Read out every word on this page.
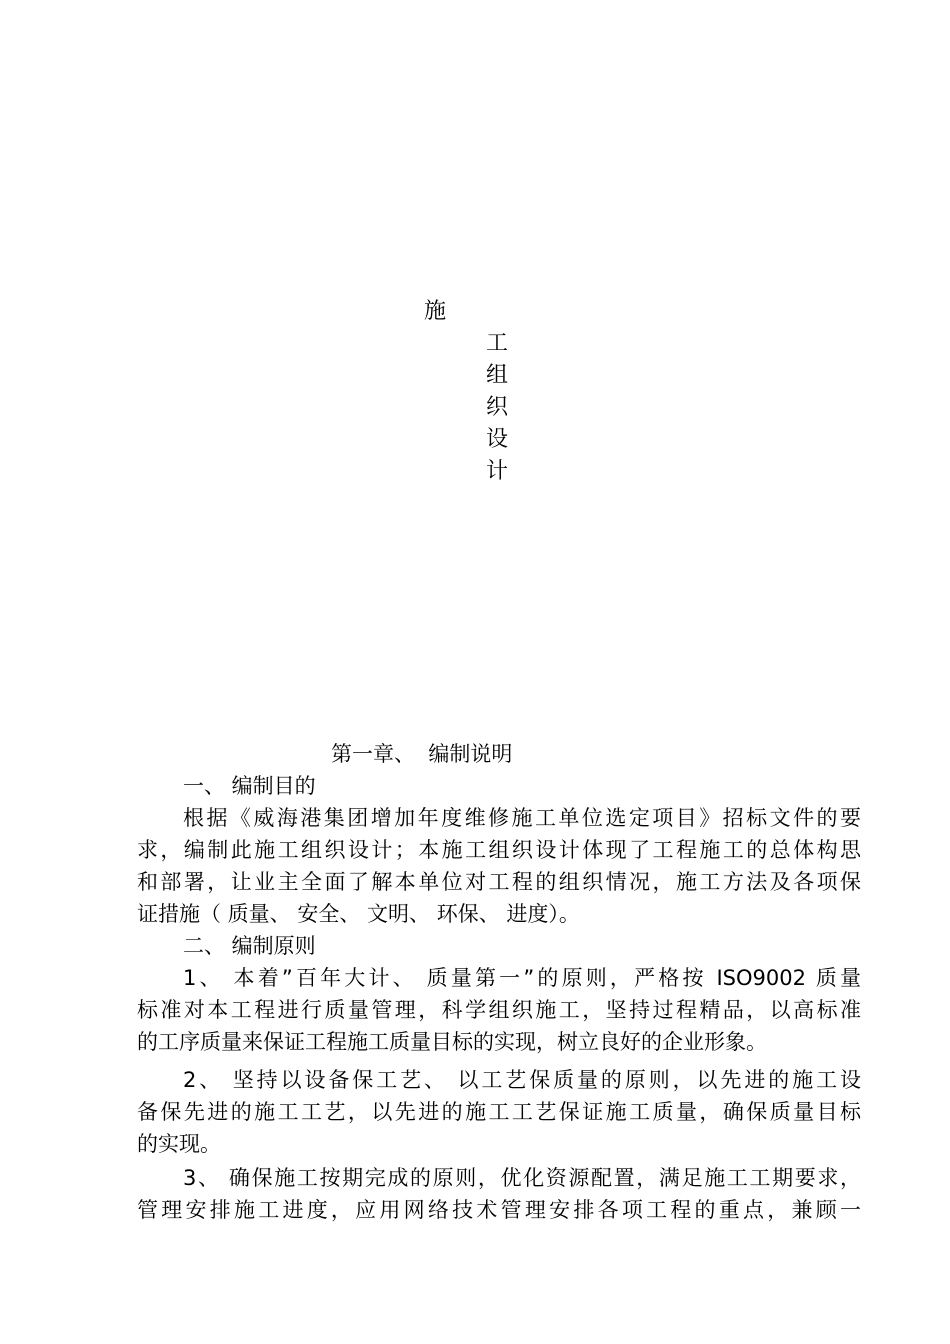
施
工
组
织
设
计
第一章、  编制说明
一、 编制目的
根据《威海港集团增加年度维修施工单位选定项目》招标文件的要
求，编制此施工组织设计；本施工组织设计体现了工程施工的总体构思
和部署，让业主全面了解本单位对工程的组织情况，施工方法及各项保
证措施（ 质量、 安全、 文明、 环保、 进度）。
二、 编制原则
1、 本着”百年大计、 质量第一”的原则，严格按 ISO9002 质量
标准对本工程进行质量管理，科学组织施工，坚持过程精品，以高标准
的工序质量来保证工程施工质量目标的实现，树立良好的企业形象。
2、 坚持以设备保工艺、 以工艺保质量的原则，以先进的施工设
备保先进的施工工艺，以先进的施工工艺保证施工质量，确保质量目标
的实现。
3、 确保施工按期完成的原则，优化资源配置，满足施工工期要求，
管理安排施工进度，应用网络技术管理安排各项工程的重点，兼顾一
